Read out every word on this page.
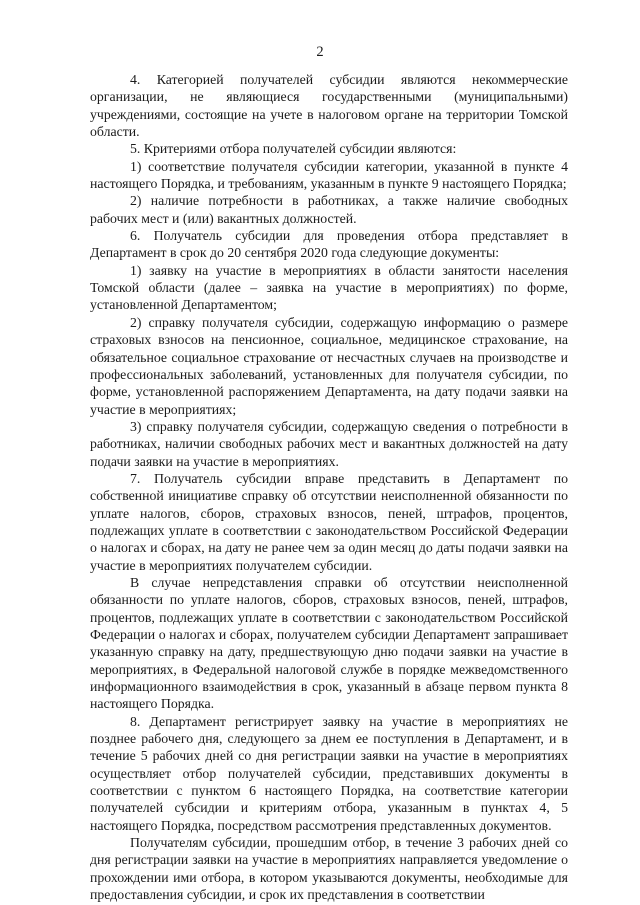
2

4. Категорией получателей субсидии являются некоммерческие организации, не являющиеся государственными (муниципальными) учреждениями, состоящие на учете в налоговом органе на территории Томской области.

5. Критериями отбора получателей субсидии являются:

1) соответствие получателя субсидии категории, указанной в пункте 4 настоящего Порядка, и требованиям, указанным в пункте 9 настоящего Порядка;

2) наличие потребности в работниках, а также наличие свободных рабочих мест и (или) вакантных должностей.

6. Получатель субсидии для проведения отбора представляет в Департамент в срок до 20 сентября 2020 года следующие документы:

1) заявку на участие в мероприятиях в области занятости населения Томской области (далее – заявка на участие в мероприятиях) по форме, установленной Департаментом;

2) справку получателя субсидии, содержащую информацию о размере страховых взносов на пенсионное, социальное, медицинское страхование, на обязательное социальное страхование от несчастных случаев на производстве и профессиональных заболеваний, установленных для получателя субсидии, по форме, установленной распоряжением Департамента, на дату подачи заявки на участие в мероприятиях;

3) справку получателя субсидии, содержащую сведения о потребности в работниках, наличии свободных рабочих мест и вакантных должностей на дату подачи заявки на участие в мероприятиях.

7. Получатель субсидии вправе представить в Департамент по собственной инициативе справку об отсутствии неисполненной обязанности по уплате налогов, сборов, страховых взносов, пеней, штрафов, процентов, подлежащих уплате в соответствии с законодательством Российской Федерации о налогах и сборах, на дату не ранее чем за один месяц до даты подачи заявки на участие в мероприятиях получателем субсидии.

В случае непредставления справки об отсутствии неисполненной обязанности по уплате налогов, сборов, страховых взносов, пеней, штрафов, процентов, подлежащих уплате в соответствии с законодательством Российской Федерации о налогах и сборах, получателем субсидии Департамент запрашивает указанную справку на дату, предшествующую дню подачи заявки на участие в мероприятиях, в Федеральной налоговой службе в порядке межведомственного информационного взаимодействия в срок, указанный в абзаце первом пункта 8 настоящего Порядка.

8. Департамент регистрирует заявку на участие в мероприятиях не позднее рабочего дня, следующего за днем ее поступления в Департамент, и в течение 5 рабочих дней со дня регистрации заявки на участие в мероприятиях осуществляет отбор получателей субсидии, представивших документы в соответствии с пунктом 6 настоящего Порядка, на соответствие категории получателей субсидии и критериям отбора, указанным в пунктах 4, 5 настоящего Порядка, посредством рассмотрения представленных документов.

Получателям субсидии, прошедшим отбор, в течение 3 рабочих дней со дня регистрации заявки на участие в мероприятиях направляется уведомление о прохождении ими отбора, в котором указываются документы, необходимые для предоставления субсидии, и срок их представления в соответствии
